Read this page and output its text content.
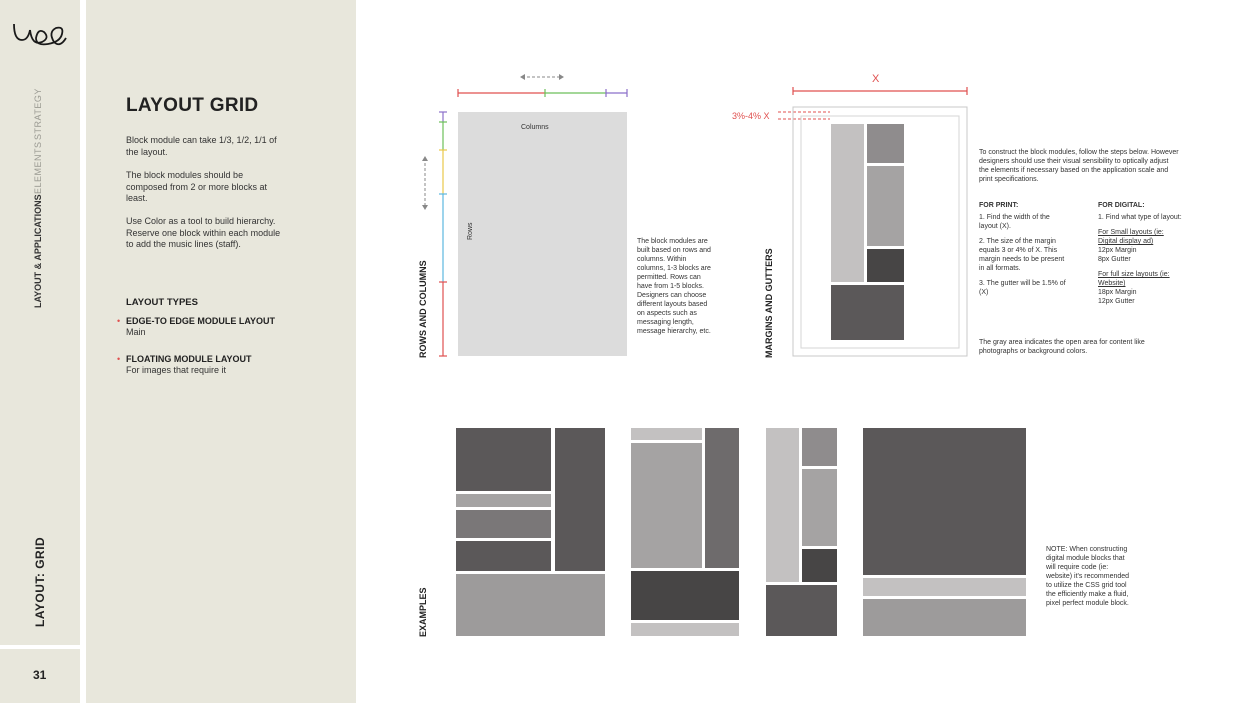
STRATEGY
ELEMENTS
LAYOUT & APPLICATIONS
LAYOUT: GRID
31
LAYOUT GRID
Block module can take 1/3, 1/2, 1/1 of the layout.
The block modules should be composed from 2 or more blocks at least.
Use Color as a tool to build hierarchy. Reserve one block within each module to add the music lines (staff).
LAYOUT TYPES
• EDGE-TO EDGE MODULE LAYOUT
Main
• FLOATING MODULE LAYOUT
For images that require it
ROWS AND COLUMNS
Columns
Rows
The block modules are built based on rows and columns. Within columns, 1-3 blocks are permitted. Rows can have from 1-5 blocks. Designers can choose different layouts based on aspects such as messaging length, message hierarchy, etc.	MARGINS AND GUTTERS
X
3%-4% X
To construct the block modules, follow the steps below. However designers should use their visual sensibility to optically adjust the elements if necessary based on the application scale and print specifications.
FOR PRINT:
1. Find the width of the layout (X).
2. The size of the margin equals 3 or 4% of X. This margin needs to be present in all formats.
3. The gutter will be 1.5% of (X)
FOR DIGITAL:
1. Find what type of layout:
For Small layouts (ie: Digital display ad)
12px Margin
8px Gutter
For full size layouts (ie: Website)
18px Margin
12px Gutter
The gray area indicates the open area for content like photographs or background colors.
EXAMPLES
NOTE: When constructing digital module blocks that will require code (ie: website) it's recommended to utilize the CSS grid tool the efficiently make a fluid, pixel perfect module block.
